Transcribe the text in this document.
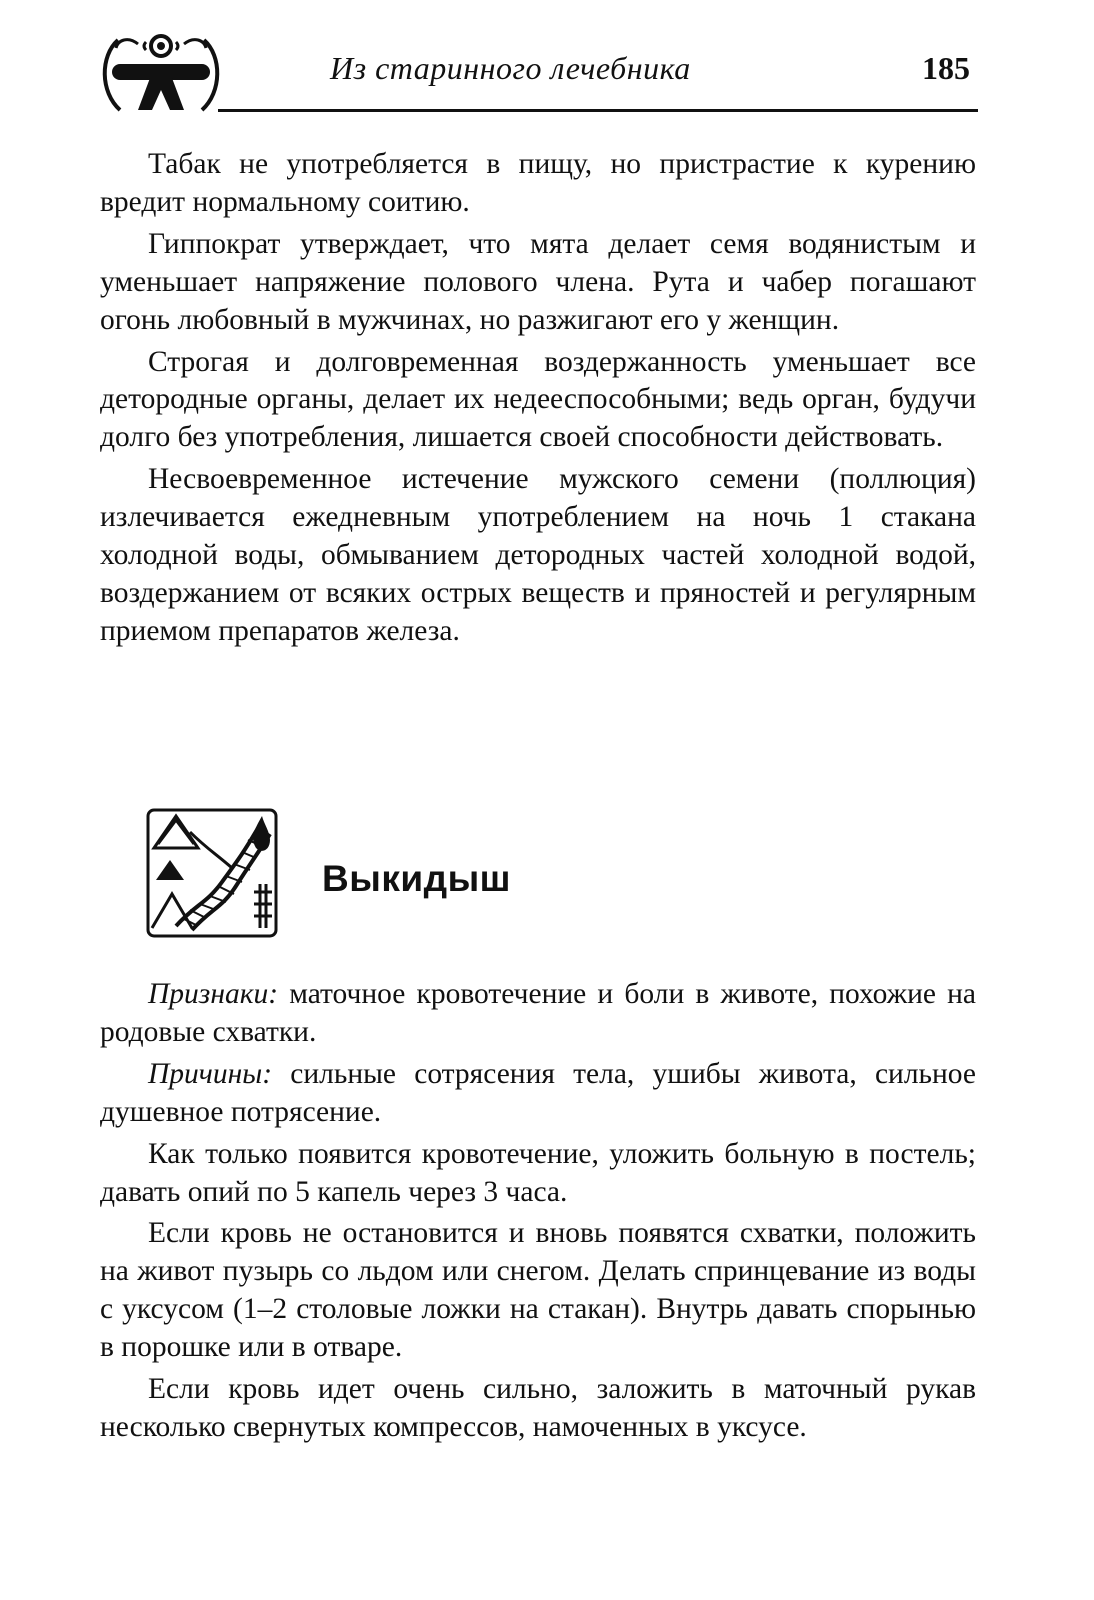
Из старинного лечебника	185

Табак не употребляется в пищу, но пристрастие к курению вредит нормальному соитию.

Гиппократ утверждает, что мята делает семя водянистым и уменьшает напряжение полового члена. Рута и чабер погашают огонь любовный в мужчинах, но разжигают его у женщин.

Строгая и долговременная воздержанность уменьшает все детородные органы, делает их недееспособными; ведь орган, будучи долго без употребления, лишается своей способности действовать.

Несвоевременное истечение мужского семени (поллюция) излечивается ежедневным употреблением на ночь 1 стакана холодной воды, обмыванием детородных частей холодной водой, воздержанием от всяких острых веществ и пряностей и регулярным приемом препаратов железа.

Выкидыш

Признаки: маточное кровотечение и боли в животе, похожие на родовые схватки.

Причины: сильные сотрясения тела, ушибы живота, сильное душевное потрясение.

Как только появится кровотечение, уложить больную в постель; давать опий по 5 капель через 3 часа.

Если кровь не остановится и вновь появятся схватки, положить на живот пузырь со льдом или снегом. Делать спринцевание из воды с уксусом (1–2 столовые ложки на стакан). Внутрь давать спорынью в порошке или в отваре.

Если кровь идет очень сильно, заложить в маточный рукав несколько свернутых компрессов, намоченных в уксусе.
